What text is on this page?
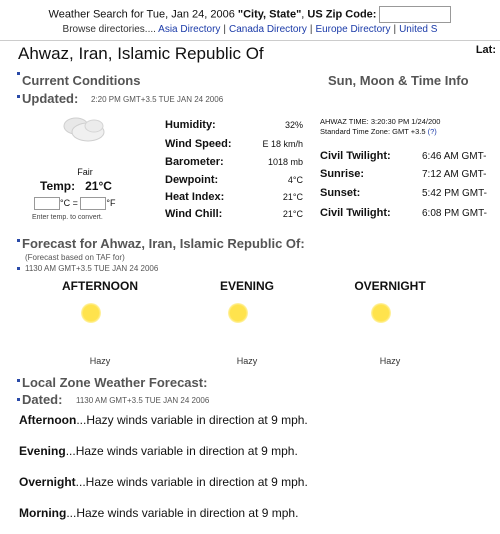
Weather Search for Tue, Jan 24, 2006 "City, State", US Zip Code:
Browse directories.... Asia Directory | Canada Directory | Europe Directory | United S
Ahwaz, Iran, Islamic Republic Of	Lat:
Current Conditions
Updated: 2:20 PM GMT+3.5 TUE JAN 24 2006
Sun, Moon & Time Info
Fair
Temp: 21°C
°C =	°F
Enter temp. to convert.
Humidity:	32%
Wind Speed:	E 18 km/h
Barometer:	1018 mb
Dewpoint:	4°C
Heat Index:	21°C
Wind Chill:	21°C
AHWAZ TIME: 3:20:30 PM 1/24/200
Standard Time Zone: GMT +3.5 (?)
Civil Twilight:	6:46 AM GMT-
Sunrise:	7:12 AM GMT-
Sunset:	5:42 PM GMT-
Civil Twilight:	6:08 PM GMT-
Forecast for Ahwaz, Iran, Islamic Republic Of:
(Forecast based on TAF for)
1130 AM GMT+3.5 TUE JAN 24 2006
AFTERNOON	EVENING	OVERNIGHT
Hazy	Hazy	Hazy
Local Zone Weather Forecast:
Dated: 1130 AM GMT+3.5 TUE JAN 24 2006
Afternoon...Hazy winds variable in direction at 9 mph.
Evening...Haze winds variable in direction at 9 mph.
Overnight...Haze winds variable in direction at 9 mph.
Morning...Haze winds variable in direction at 9 mph.
